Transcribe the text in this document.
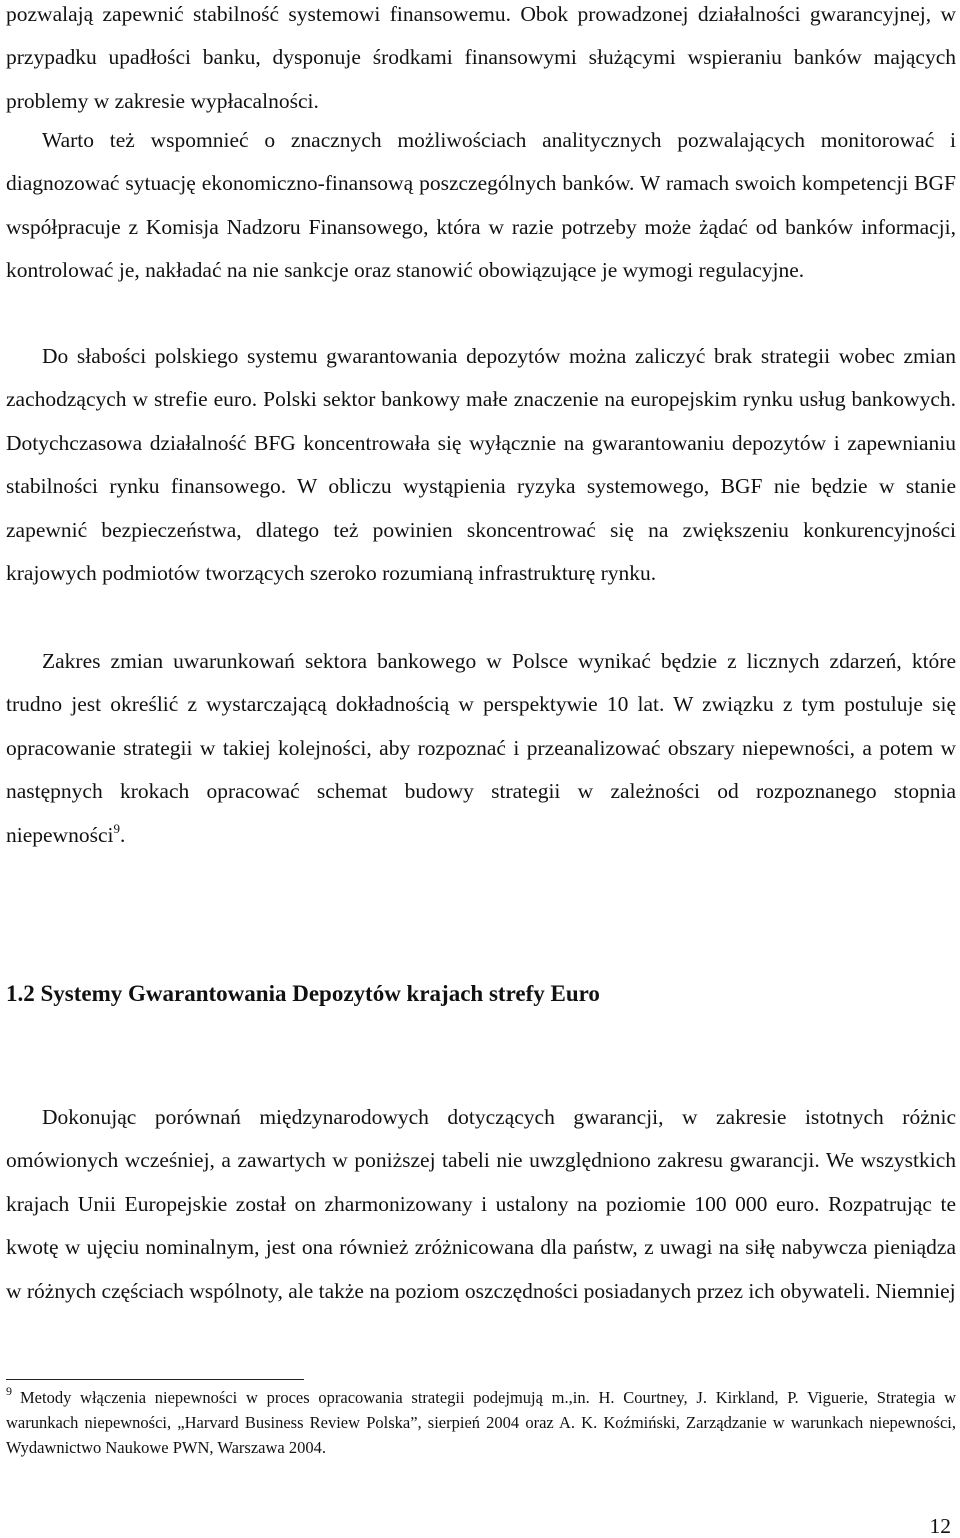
pozwalają zapewnić stabilność systemowi finansowemu. Obok prowadzonej działalności gwarancyjnej, w przypadku upadłości banku, dysponuje środkami finansowymi służącymi wspieraniu banków mających problemy w zakresie wypłacalności.

Warto też wspomnieć o znacznych możliwościach analitycznych pozwalających monitorować i diagnozować sytuację ekonomiczno-finansową poszczególnych banków. W ramach swoich kompetencji BGF współpracuje z Komisja Nadzoru Finansowego, która w razie potrzeby może żądać od banków informacji, kontrolować je, nakładać na nie sankcje oraz stanowić obowiązujące je wymogi regulacyjne.

Do słabości polskiego systemu gwarantowania depozytów można zaliczyć brak strategii wobec zmian zachodzących w strefie euro. Polski sektor bankowy małe znaczenie na europejskim rynku usług bankowych. Dotychczasowa działalność BFG koncentrowała się wyłącznie na gwarantowaniu depozytów i zapewnianiu stabilności rynku finansowego. W obliczu wystąpienia ryzyka systemowego, BGF nie będzie w stanie zapewnić bezpieczeństwa, dlatego też powinien skoncentrować się na zwiększeniu konkurencyjności krajowych podmiotów tworzących szeroko rozumianą infrastrukturę rynku.

Zakres zmian uwarunkowań sektora bankowego w Polsce wynikać będzie z licznych zdarzeń, które trudno jest określić z wystarczającą dokładnością w perspektywie 10 lat. W związku z tym postuluje się opracowanie strategii w takiej kolejności, aby rozpoznać i przeanalizować obszary niepewności, a potem w następnych krokach opracować schemat budowy strategii w zależności od rozpoznanego stopnia niepewności$^9$.

1.2 Systemy Gwarantowania Depozytów krajach strefy Euro

Dokonując porównań międzynarodowych dotyczących gwarancji, w zakresie istotnych różnic omówionych wcześniej, a zawartych w poniższej tabeli nie uwzględniono zakresu gwarancji. We wszystkich krajach Unii Europejskie został on zharmonizowany i ustalony na poziomie 100 000 euro. Rozpatrując te kwotę w ujęciu nominalnym, jest ona również zróżnicowana dla państw, z uwagi na siłę nabywcza pieniądza w różnych częściach wspólnoty, ale także na poziom oszczędności posiadanych przez ich obywateli. Niemniej

$^9$ Metody włączenia niepewności w proces opracowania strategii podejmują m.,in. H. Courtney, J. Kirkland, P. Viguerie, Strategia w warunkach niepewności, „Harvard Business Review Polska”, sierpień 2004 oraz A. K. Koźmiński, Zarządzanie w warunkach niepewności, Wydawnictwo Naukowe PWN, Warszawa 2004.

12
